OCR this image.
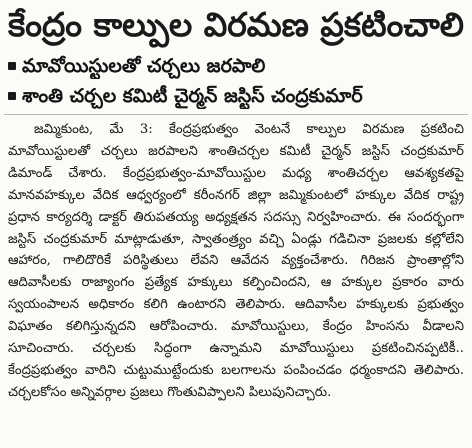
కేంద్రం కాల్పుల విరమణ ప్రకటించాలి
మావోయిస్టులతో చర్చలు జరపాలి
శాంతి చర్చల కమిటీ చైర్మన్ జస్టిస్ చంద్రకుమార్

జమ్మికుంట, మే 3: కేంద్రప్రభుత్వం వెంటనే కాల్పుల విరమణ ప్రకటించి మావోయిస్టులతో చర్చలు జరపాలని శాంతిచర్చల కమిటీ చైర్మన్ జస్టిస్ చంద్రకుమార్ డిమాండ్ చేశారు. కేంద్రప్రభుత్వం-మావోయిస్టుల మధ్య శాంతిచర్చల ఆవశ్యకతపై మానవహక్కుల వేదిక ఆధ్వర్యంలో కరీంనగర్ జిల్లా జమ్మికుంటలో హక్కుల వేదిక రాష్ట్ర ప్రధాన కార్యదర్శి డాక్టర్ తిరుపతయ్య అధ్యక్షతన సదస్సు నిర్వహించారు. ఈ సందర్భంగా జస్టిస్ చంద్రకుమార్ మాట్లాడుతూ, స్వాతంత్ర్యం వచ్చి ఏండ్లు గడిచినా ప్రజలకు కల్లోలేని ఆహారం, గాలిదొరికే పరిస్థితులు లేవని ఆవేదన వ్యక్తంచేశారు. గిరిజన ప్రాంతాల్లోని ఆదివాసీలకు రాజ్యాంగం ప్రత్యేక హక్కులు కల్పించిందని, ఆ హక్కుల ప్రకారం వారు స్వయంపాలన అధికారం కలిగి ఉంటారని తెలిపారు. ఆదివాసీల హక్కులకు ప్రభుత్వం విఘాతం కలిగిస్తున్నదని ఆరోపించారు. మావోయిస్టులు, కేంద్రం హింసను వీడాలని సూచించారు. చర్చలకు సిద్ధంగా ఉన్నామని మావోయిస్టులు ప్రకటించినప్పటికీ.. కేంద్రప్రభుత్వం వారిని చుట్టుముట్టేందుకు బలగాలను పంపించడం ధర్మంకాదని తెలిపారు. చర్చలకోసం అన్నివర్గాల ప్రజలు గొంతువిప్పాలని పిలుపునిచ్చారు.
